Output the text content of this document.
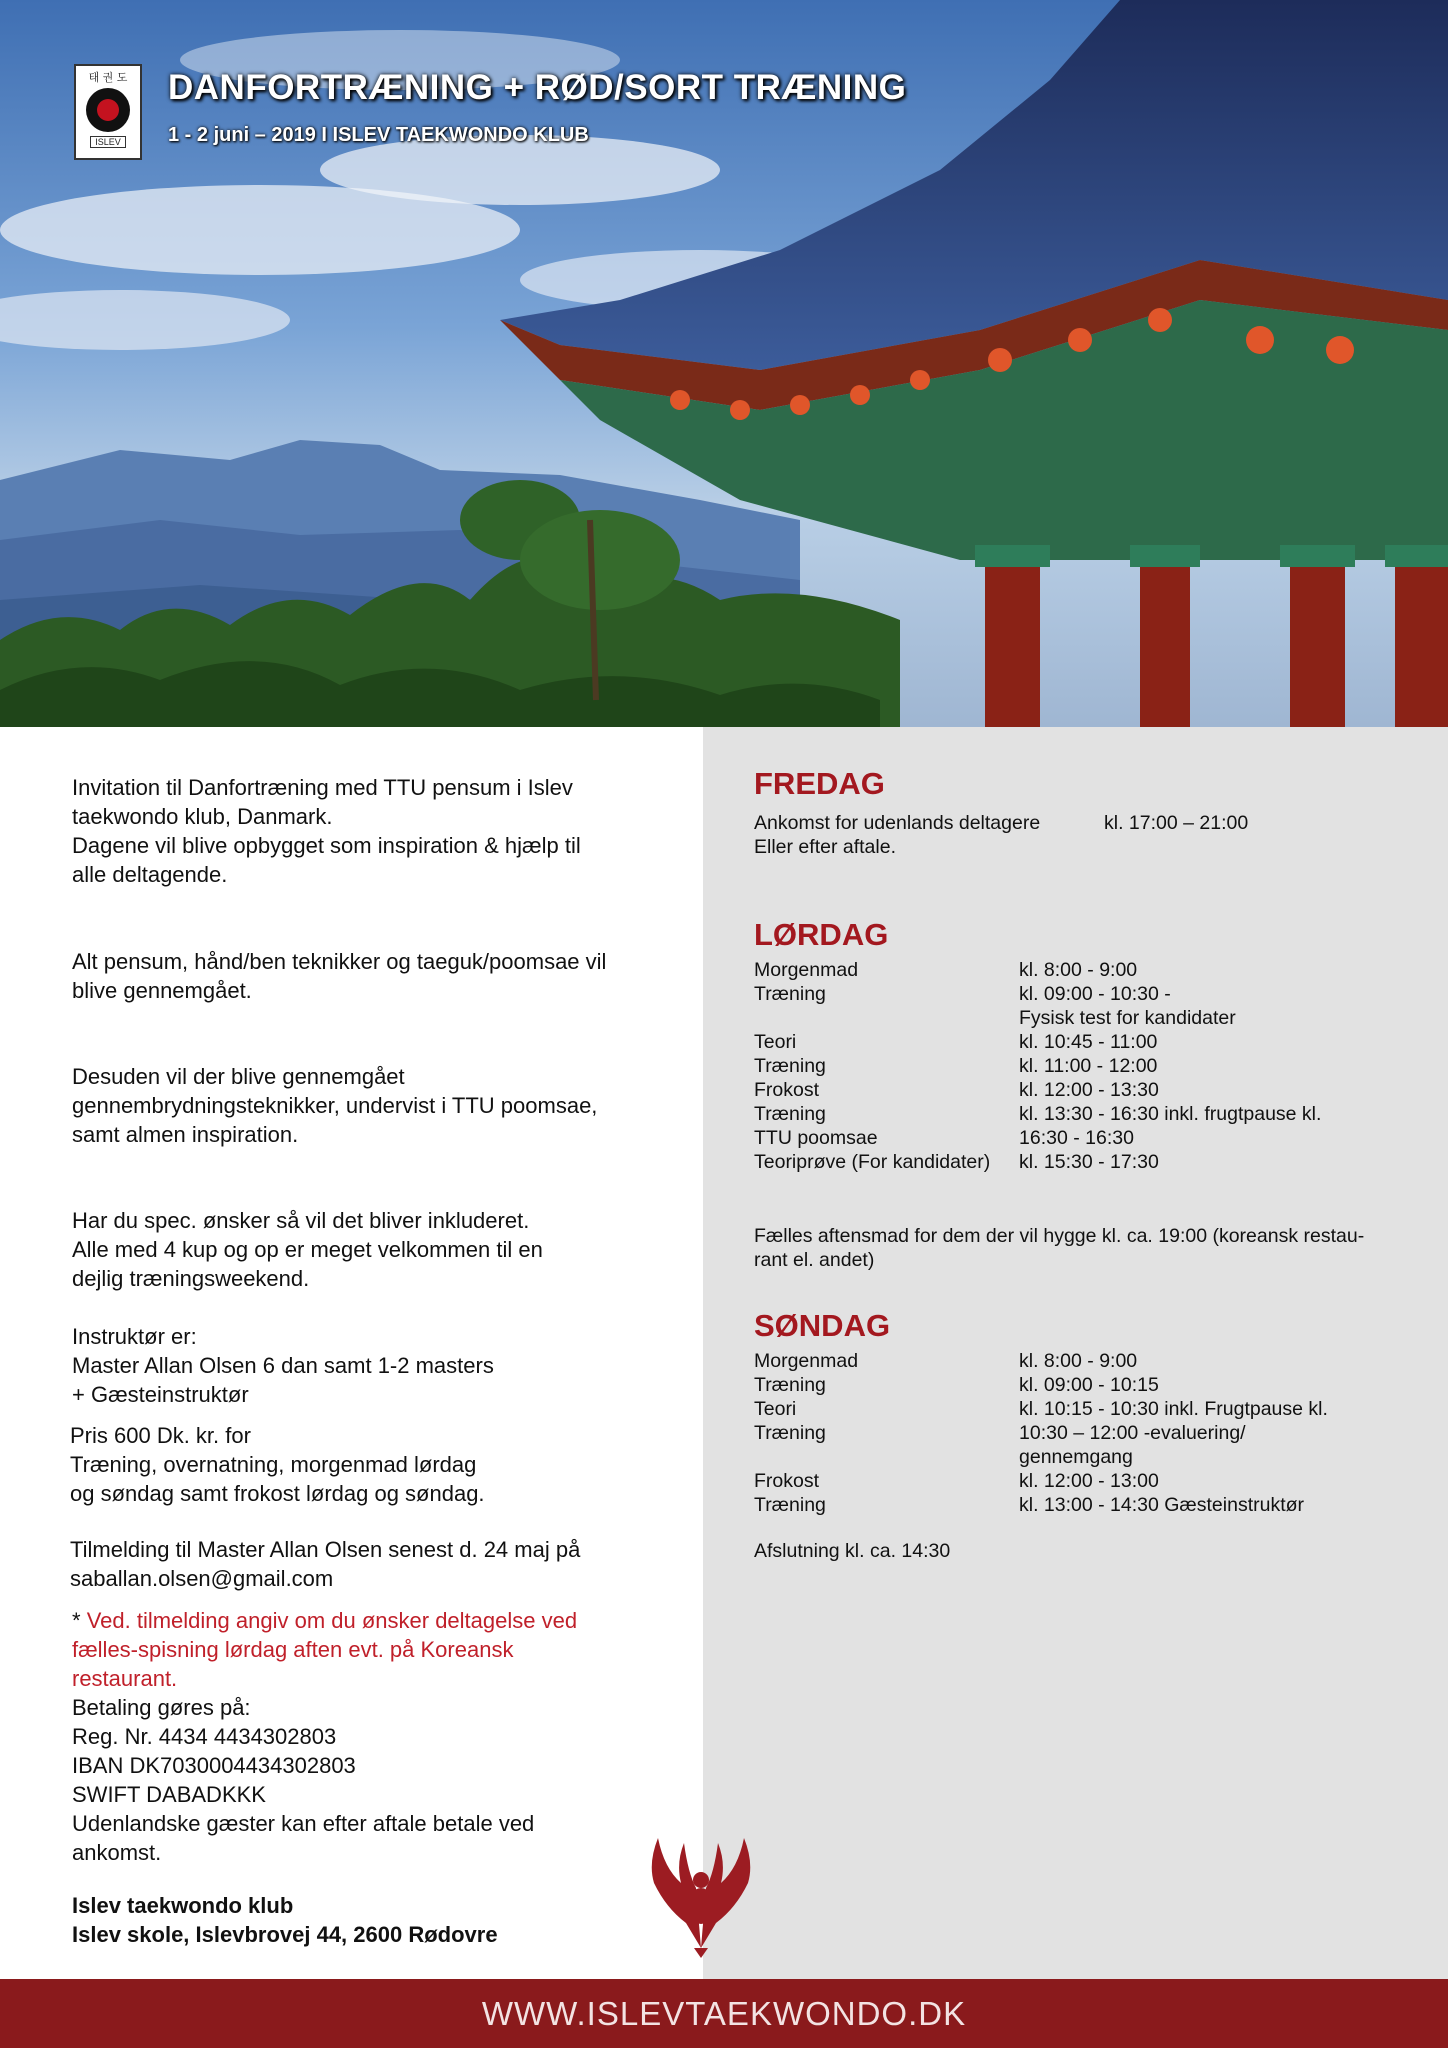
태 권 도
ISLEV
DANFORTRÆNING + RØD/SORT TRÆNING
1 - 2 juni – 2019 I ISLEV TAEKWONDO KLUB

Invitation til Danfortræning med TTU pensum i Islev

taekwondo klub, Danmark.

Dagene vil blive opbygget som inspiration & hjælp til

alle deltagende.

Alt pensum, hånd/ben teknikker og taeguk/poomsae vil

blive gennemgået.

Desuden vil der blive gennemgået

gennembrydningsteknikker, undervist i TTU poomsae,

samt almen inspiration.

Har du spec. ønsker så vil det bliver inkluderet.

Alle med 4 kup og op er meget velkommen til en

dejlig træningsweekend.

Instruktør er:

Master Allan Olsen 6 dan samt 1-2 masters

+ Gæsteinstruktør

Pris 600 Dk. kr. for

Træning, overnatning, morgenmad lørdag

og søndag samt frokost lørdag og søndag.

Tilmelding til Master Allan Olsen senest d. 24 maj på

saballan.olsen@gmail.com

* Ved. tilmelding angiv om du ønsker deltagelse ved

fælles-spisning lørdag aften evt. på Koreansk

restaurant.

Betaling gøres på:

Reg. Nr. 4434 4434302803

IBAN DK7030004434302803

SWIFT DABADKKK

Udenlandske gæster kan efter aftale betale ved

ankomst.

Islev taekwondo klub

Islev skole, Islevbrovej 44, 2600 Rødovre

FREDAG
Ankomst for udenlands deltagere	kl. 17:00 – 21:00
Eller efter aftale.
LØRDAG
Morgenmad	kl. 8:00 - 9:00
Træning	kl. 09:00 - 10:30 -
Fysisk test for kandidater
Teori	kl. 10:45 - 11:00
Træning	kl. 11:00 - 12:00
Frokost	kl. 12:00 - 13:30
Træning	kl. 13:30 - 16:30 inkl. frugtpause kl.
TTU poomsae	16:30 - 16:30
Teoriprøve (For kandidater)	kl. 15:30 - 17:30
Fælles aftensmad for dem der vil hygge kl. ca. 19:00 (koreansk restau-
rant el. andet)
SØNDAG
Morgenmad	kl. 8:00 - 9:00
Træning	kl. 09:00 - 10:15
Teori	kl. 10:15 - 10:30 inkl. Frugtpause kl.
Træning	10:30 – 12:00 -evaluering/
gennemgang
Frokost	kl. 12:00 - 13:00
Træning	kl. 13:00 - 14:30 Gæsteinstruktør
Afslutning kl. ca. 14:30
WWW.ISLEVTAEKWONDO.DK
